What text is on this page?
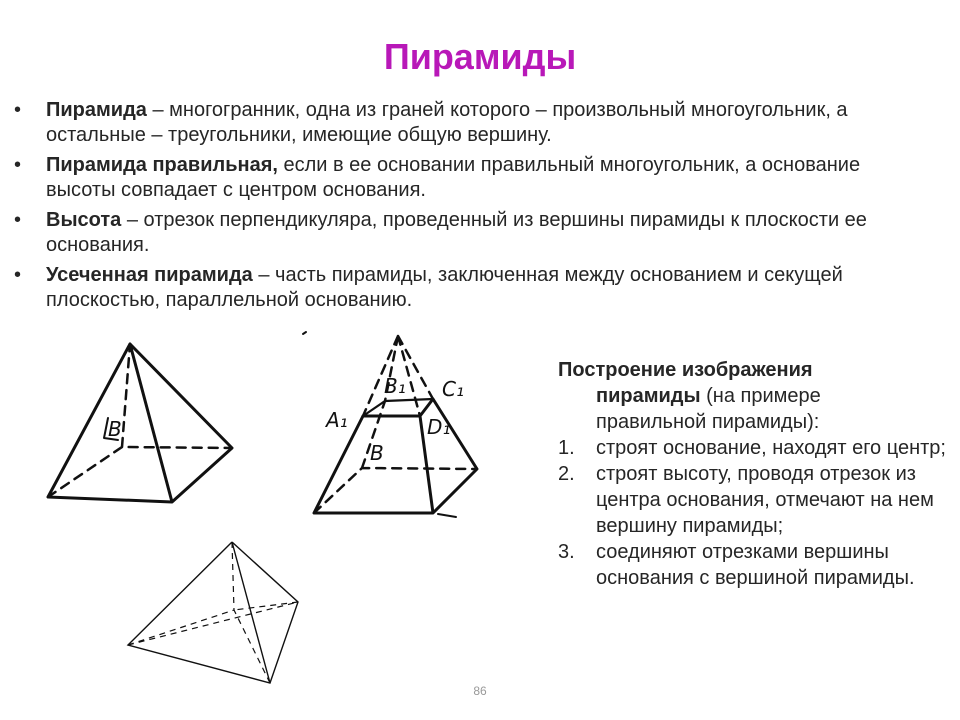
Пирамиды
• Пирамида – многогранник, одна из граней которого – произвольный многоугольник, а остальные – треугольники, имеющие общую вершину.
• Пирамида правильная, если в ее основании правильный многоугольник, а основание высоты совпадает с центром основания.
• Высота – отрезок перпендикуляра, проведенный из вершины пирамиды к плоскости ее основания.
• Усеченная пирамида – часть пирамиды, заключенная между основанием и секущей плоскостью, параллельной основанию.
B	A₁
B₁ C₁
D₁
B
Построение изображения
пирамиды (на примере
правильной пирамиды):
1. строят основание, находят его центр;
2. строят высоту, проводя отрезок из центра основания, отмечают на нем вершину пирамиды;
3. соединяют отрезками вершины основания с вершиной пирамиды.
86
